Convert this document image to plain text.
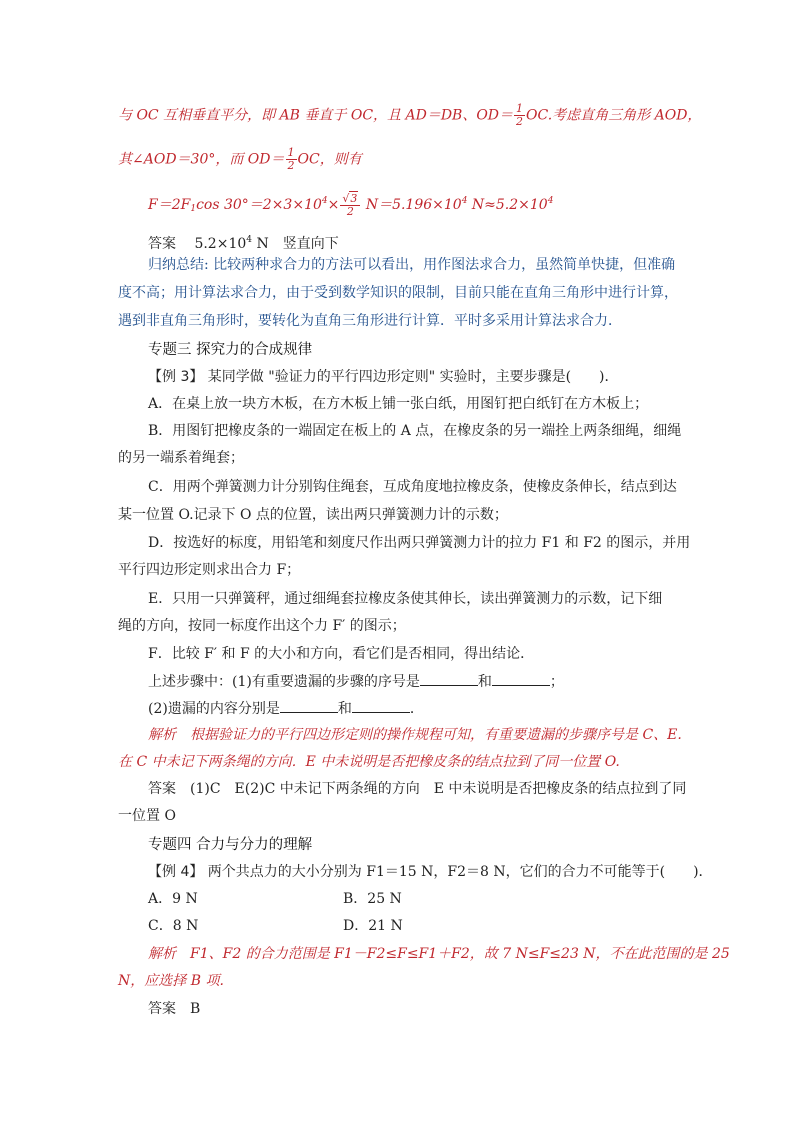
与 OC 互相垂直平分，即 AB 垂直于 OC，且 AD＝DB、$OD= \frac{1}{2}$ OC.考虑直角三角形 AOD，
其∠AOD＝30°，而 $OD= \frac{1}{2}$ OC，则有
$F=2F_1\cos$ $30^\circ=2\times 3\times 10^4\times \frac{√3}{2} N=5.196\times 10^4$ $N\approx 5.2\times 10^4$
答案　 $5.2\times 10^4$ N　竖直向下
归纳总结: 比较两种求合力的方法可以看出，用作图法求合力，虽然简单快捷，但准确
度不高；用计算法求合力，由于受到数学知识的限制，目前只能在直角三角形中进行计算，
遇到非直角三角形时，要转化为直角三角形进行计算．平时多采用计算法求合力．
专题三 探究力的合成规律
【例 3】 某同学做 "验证力的平行四边形定则" 实验时，主要步骤是(　　)．
A．在桌上放一块方木板，在方木板上铺一张白纸，用图钉把白纸钉在方木板上；
B．用图钉把橡皮条的一端固定在板上的 A 点，在橡皮条的另一端拴上两条细绳，细绳
的另一端系着绳套；
C．用两个弹簧测力计分别钩住绳套，互成角度地拉橡皮条，使橡皮条伸长，结点到达
某一位置 O.记录下 O 点的位置，读出两只弹簧测力计的示数；
D．按选好的标度，用铅笔和刻度尺作出两只弹簧测力计的拉力 F1 和 F2 的图示，并用
平行四边形定则求出合力 F；
E．只用一只弹簧秤，通过细绳套拉橡皮条使其伸长，读出弹簧测力的示数，记下细
绳的方向，按同一标度作出这个力 F′ 的图示；
F．比较 F′ 和 F 的大小和方向，看它们是否相同，得出结论．
上述步骤中：(1)有重要遗漏的步骤的序号是	和	；
(2)遗漏的内容分别是	和	．
解析　根据验证力的平行四边形定则的操作规程可知，有重要遗漏的步骤序号是 C、E.
在 C 中未记下两条绳的方向．E 中未说明是否把橡皮条的结点拉到了同一位置 O.
答案　(1)C　E(2)C 中未记下两条绳的方向　E 中未说明是否把橡皮条的结点拉到了同
一位置 O
专题四 合力与分力的理解
【例 4】 两个共点力的大小分别为 F1＝15 N，F2＝8 N，它们的合力不可能等于(　　)．
A．9 N	B．25 N
C．8 N	D．21 N
解析　F1、F2 的合力范围是 F1－F2≤F≤F1＋F2，故 7 N≤F≤23 N，不在此范围的是 25
N，应选择 B 项.
答案　B
